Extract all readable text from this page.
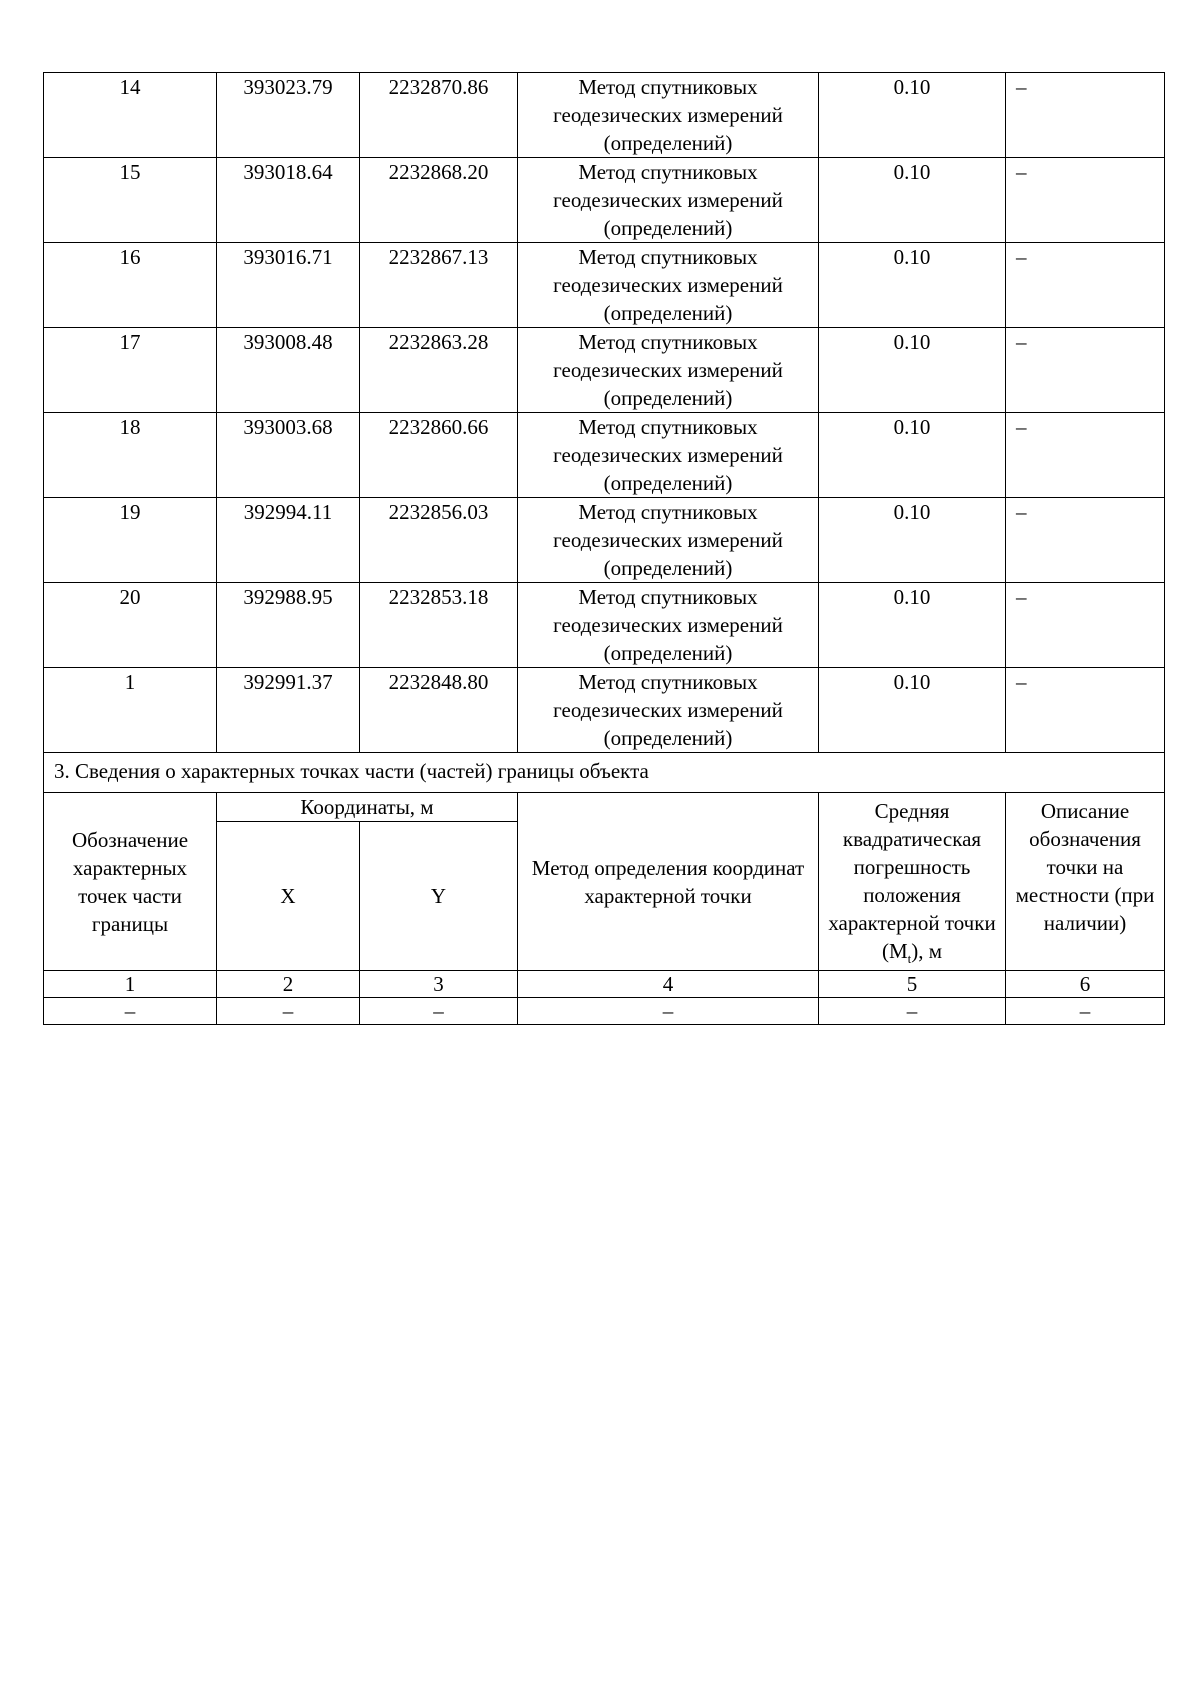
14	393023.79	2232870.86	Метод спутниковых геодезических измерений (определений)	0.10	–
15	393018.64	2232868.20	Метод спутниковых геодезических измерений (определений)	0.10	–
16	393016.71	2232867.13	Метод спутниковых геодезических измерений (определений)	0.10	–
17	393008.48	2232863.28	Метод спутниковых геодезических измерений (определений)	0.10	–
18	393003.68	2232860.66	Метод спутниковых геодезических измерений (определений)	0.10	–
19	392994.11	2232856.03	Метод спутниковых геодезических измерений (определений)	0.10	–
20	392988.95	2232853.18	Метод спутниковых геодезических измерений (определений)	0.10	–
1	392991.37	2232848.80	Метод спутниковых геодезических измерений (определений)	0.10	–
3. Сведения о характерных точках части (частей) границы объекта					
Обозначение характерных точек части границы	Координаты, м		Метод определения координат характерной точки	Средняя квадратическая погрешность положения характерной точки $(M_t)$, м	Описание обозначения точки на местности (при наличии)
	X	Y			
1	2	3	4	5	6
–	–	–	–	–	–
